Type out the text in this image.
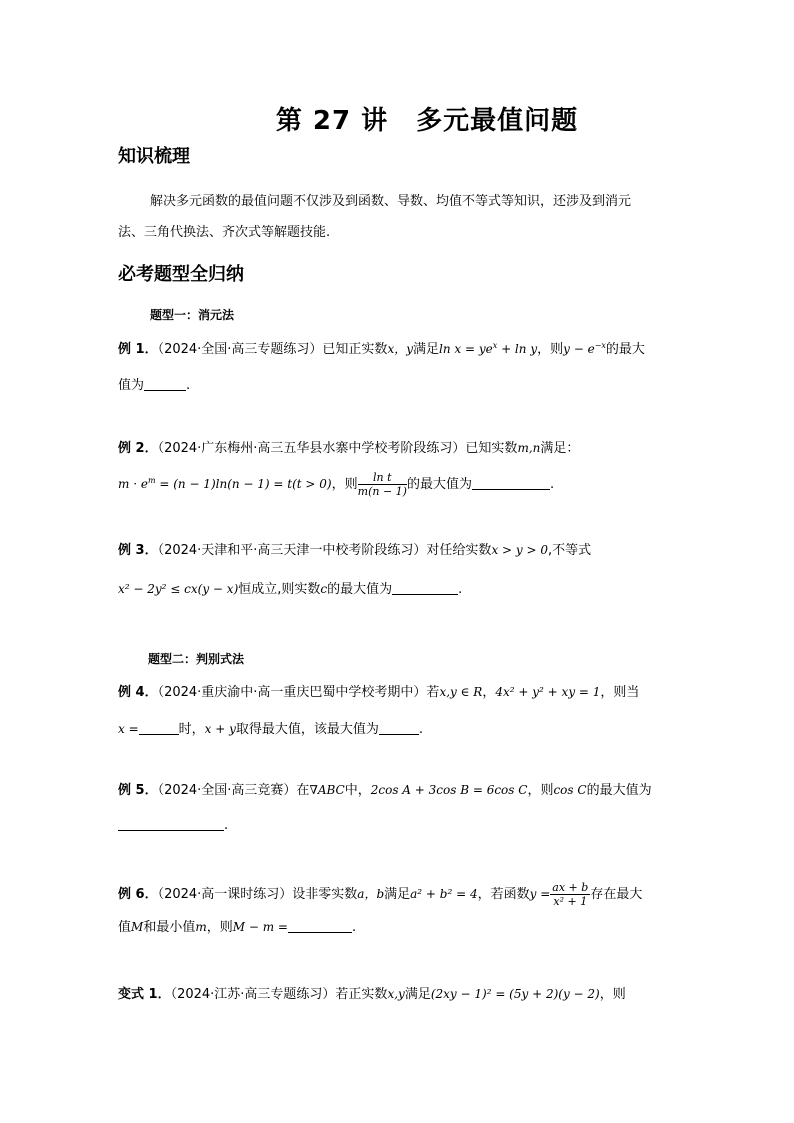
第 27 讲 多元最值问题
知识梳理
解决多元函数的最值问题不仅涉及到函数、导数、均值不等式等知识，还涉及到消元
法、三角代换法、齐次式等解题技能.
必考题型全归纳
题型一：消元法
例 1．（2024·全国·高三专题练习）已知正实数x，y满足$\ln x = ye^x + \ln y$，则$y - e^{-x}$的最大
值为	.
例 2．（2024·广东梅州·高三五华县水寨中学校考阶段练习）已知实数m,n满足：
$m \cdot e^m = (n - 1)\ln(n - 1) = t(t > 0)$，则 $\frac{\text{ln t}}{m(n - 1)}$ 的最大值为	.
例 3．（2024·天津和平·高三天津一中校考阶段练习）对任给实数x > y > 0,不等式
x² − 2y² ≤ cx(y − x)恒成立,则实数c的最大值为	.
题型二：判别式法
例 4．（2024·重庆渝中·高一重庆巴蜀中学校考期中）若x,y ∈ R，4x² + y² + xy = 1，则当
x =	时，x + y取得最大值，该最大值为	.
例 5．（2024·全国·高三竞赛）在∇ABC中，2cos A + 3cos B = 6cos C，则cos C的最大值为
.
例 6．（2024·高一课时练习）设非零实数a，b满足a² + b² = 4，若函数$y = \frac{ax + b}{\text{x² + 1}}$ 存在最大
值M和最小值m，则M − m =	.
变式 1．（2024·江苏·高三专题练习）若正实数x,y满足(2xy − 1)² = (5y + 2)(y − 2)，则
